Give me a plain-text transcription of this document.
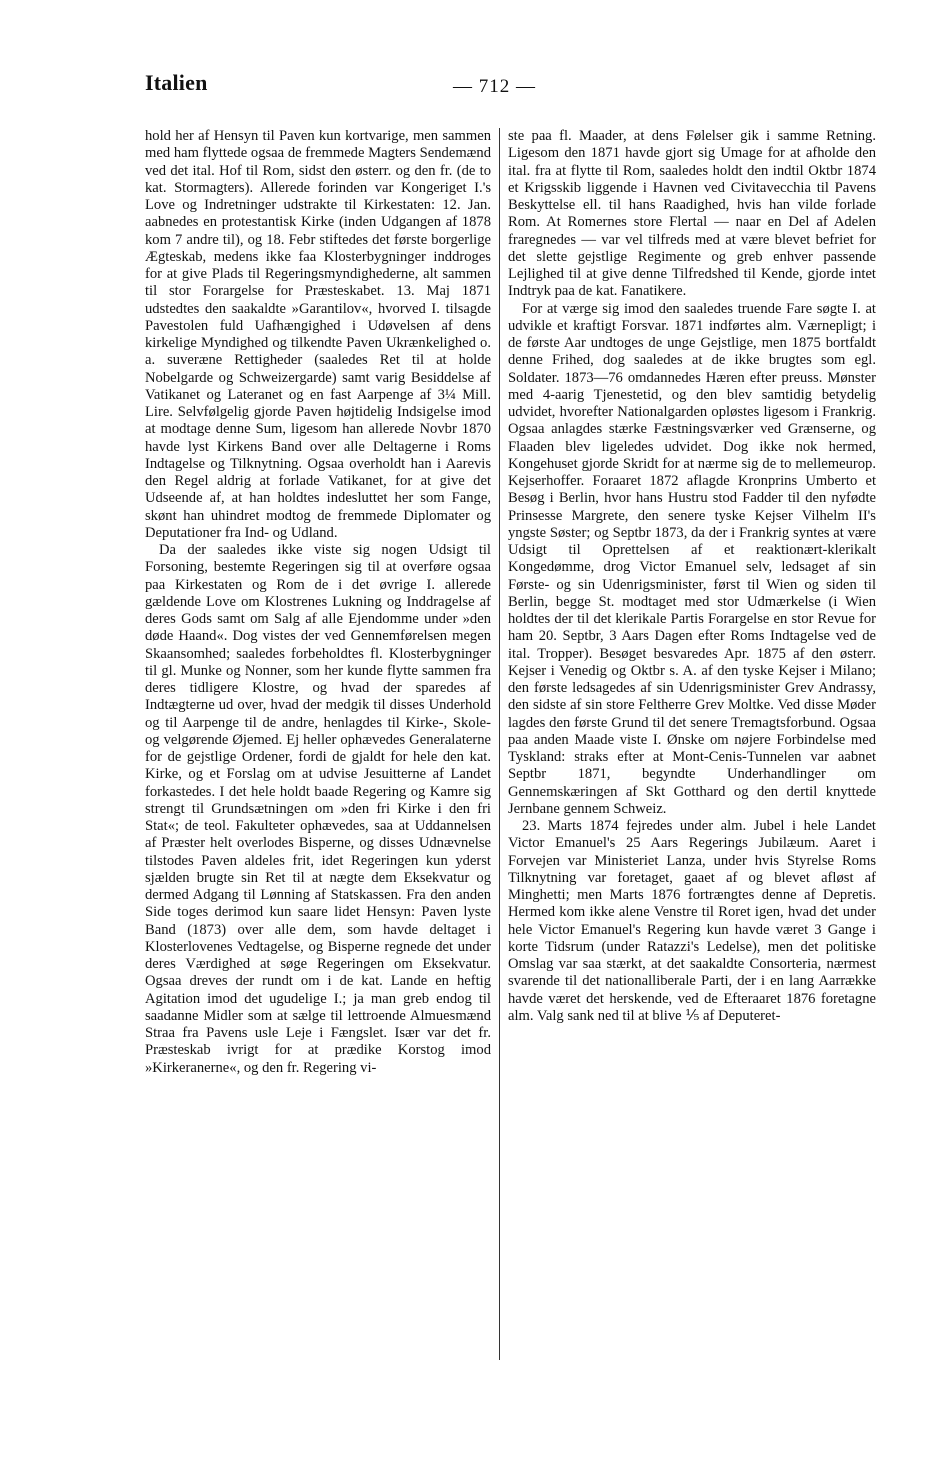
Italien	— 712 —

hold her af Hensyn til Paven kun kortvarige, men sammen med ham flyttede ogsaa de fremmede Magters Sendemænd ved det ital. Hof til Rom, sidst den østerr. og den fr. (de to kat. Stormagters). Allerede forinden var Kongeriget I.'s Love og Indretninger udstrakte til Kirkestaten: 12. Jan. aabnedes en protestantisk Kirke (inden Udgangen af 1878 kom 7 andre til), og 18. Febr stiftedes det første borgerlige Ægteskab, medens ikke faa Klosterbygninger inddroges for at give Plads til Regeringsmyndighederne, alt sammen til stor Forargelse for Præsteskabet. 13. Maj 1871 udstedtes den saakaldte »Garantilov«, hvorved I. tilsagde Pavestolen fuld Uafhængighed i Udøvelsen af dens kirkelige Myndighed og tilkendte Paven Ukrænkelighed o. a. suveræne Rettigheder (saaledes Ret til at holde Nobelgarde og Schweizergarde) samt varig Besiddelse af Vatikanet og Lateranet og en fast Aarpenge af 3¼ Mill. Lire. Selvfølgelig gjorde Paven højtidelig Indsigelse imod at modtage denne Sum, ligesom han allerede Novbr 1870 havde lyst Kirkens Band over alle Deltagerne i Roms Indtagelse og Tilknytning. Ogsaa overholdt han i Aarevis den Regel aldrig at forlade Vatikanet, for at give det Udseende af, at han holdtes indesluttet her som Fange, skønt han uhindret modtog de fremmede Diplomater og Deputationer fra Ind- og Udland.

Da der saaledes ikke viste sig nogen Udsigt til Forsoning, bestemte Regeringen sig til at overføre ogsaa paa Kirkestaten og Rom de i det øvrige I. allerede gældende Love om Klostrenes Lukning og Inddragelse af deres Gods samt om Salg af alle Ejendomme under »den døde Haand«. Dog vistes der ved Gennemførelsen megen Skaansomhed; saaledes forbeholdtes fl. Klosterbygninger til gl. Munke og Nonner, som her kunde flytte sammen fra deres tidligere Klostre, og hvad der sparedes af Indtægterne ud over, hvad der medgik til disses Underhold og til Aarpenge til de andre, henlagdes til Kirke-, Skole- og velgørende Øjemed. Ej heller ophævedes Generalaterne for de gejstlige Ordener, fordi de gjaldt for hele den kat. Kirke, og et Forslag om at udvise Jesuitterne af Landet forkastedes. I det hele holdt baade Regering og Kamre sig strengt til Grundsætningen om »den fri Kirke i den fri Stat«; de teol. Fakulteter ophævedes, saa at Uddannelsen af Præster helt overlodes Bisperne, og disses Udnævnelse tilstodes Paven aldeles frit, idet Regeringen kun yderst sjælden brugte sin Ret til at nægte dem Eksekvatur og dermed Adgang til Lønning af Statskassen. Fra den anden Side toges derimod kun saare lidet Hensyn: Paven lyste Band (1873) over alle dem, som havde deltaget i Klosterlovenes Vedtagelse, og Bisperne regnede det under deres Værdighed at søge Regeringen om Eksekvatur. Ogsaa dreves der rundt om i de kat. Lande en heftig Agitation imod det ugudelige I.; ja man greb endog til saadanne Midler som at sælge til lettroende Almuesmænd Straa fra Pavens usle Leje i Fængslet. Især var det fr. Præsteskab ivrigt for at prædike Korstog imod »Kirkeranerne«, og den fr. Regering vi-

ste paa fl. Maader, at dens Følelser gik i samme Retning. Ligesom den 1871 havde gjort sig Umage for at afholde den ital. fra at flytte til Rom, saaledes holdt den indtil Oktbr 1874 et Krigsskib liggende i Havnen ved Civitavecchia til Pavens Beskyttelse ell. til hans Raadighed, hvis han vilde forlade Rom. At Romernes store Flertal — naar en Del af Adelen fraregnedes — var vel tilfreds med at være blevet befriet for det slette gejstlige Regimente og greb enhver passende Lejlighed til at give denne Tilfredshed til Kende, gjorde intet Indtryk paa de kat. Fanatikere.

For at værge sig imod den saaledes truende Fare søgte I. at udvikle et kraftigt Forsvar. 1871 indførtes alm. Værnepligt; i de første Aar undtoges de unge Gejstlige, men 1875 bortfaldt denne Frihed, dog saaledes at de ikke brugtes som egl. Soldater. 1873—76 omdannedes Hæren efter preuss. Mønster med 4-aarig Tjenestetid, og den blev samtidig betydelig udvidet, hvorefter Nationalgarden opløstes ligesom i Frankrig. Ogsaa anlagdes stærke Fæstningsværker ved Grænserne, og Flaaden blev ligeledes udvidet. Dog ikke nok hermed, Kongehuset gjorde Skridt for at nærme sig de to mellemeurop. Kejserhoffer. Foraaret 1872 aflagde Kronprins Umberto et Besøg i Berlin, hvor hans Hustru stod Fadder til den nyfødte Prinsesse Margrete, den senere tyske Kejser Vilhelm II's yngste Søster; og Septbr 1873, da der i Frankrig syntes at være Udsigt til Oprettelsen af et reaktionært-klerikalt Kongedømme, drog Victor Emanuel selv, ledsaget af sin Første- og sin Udenrigsminister, først til Wien og siden til Berlin, begge St. modtaget med stor Udmærkelse (i Wien holdtes der til det klerikale Partis Forargelse en stor Revue for ham 20. Septbr, 3 Aars Dagen efter Roms Indtagelse ved de ital. Tropper). Besøget besvaredes Apr. 1875 af den østerr. Kejser i Venedig og Oktbr s. A. af den tyske Kejser i Milano; den første ledsagedes af sin Udenrigsminister Grev Andrassy, den sidste af sin store Feltherre Grev Moltke. Ved disse Møder lagdes den første Grund til det senere Tremagtsforbund. Ogsaa paa anden Maade viste I. Ønske om nøjere Forbindelse med Tyskland: straks efter at Mont-Cenis-Tunnelen var aabnet Septbr 1871, begyndte Underhandlinger om Gennemskæringen af Skt Gotthard og den dertil knyttede Jernbane gennem Schweiz.

23. Marts 1874 fejredes under alm. Jubel i hele Landet Victor Emanuel's 25 Aars Regerings Jubilæum. Aaret i Forvejen var Ministeriet Lanza, under hvis Styrelse Roms Tilknytning var foretaget, gaaet af og blevet afløst af Minghetti; men Marts 1876 fortrængtes denne af Depretis. Hermed kom ikke alene Venstre til Roret igen, hvad det under hele Victor Emanuel's Regering kun havde været 3 Gange i korte Tidsrum (under Ratazzi's Ledelse), men det politiske Omslag var saa stærkt, at det saakaldte Consorteria, nærmest svarende til det nationalliberale Parti, der i en lang Aarrække havde været det herskende, ved de Efteraaret 1876 foretagne alm. Valg sank ned til at blive ⅕ af Deputeret-
